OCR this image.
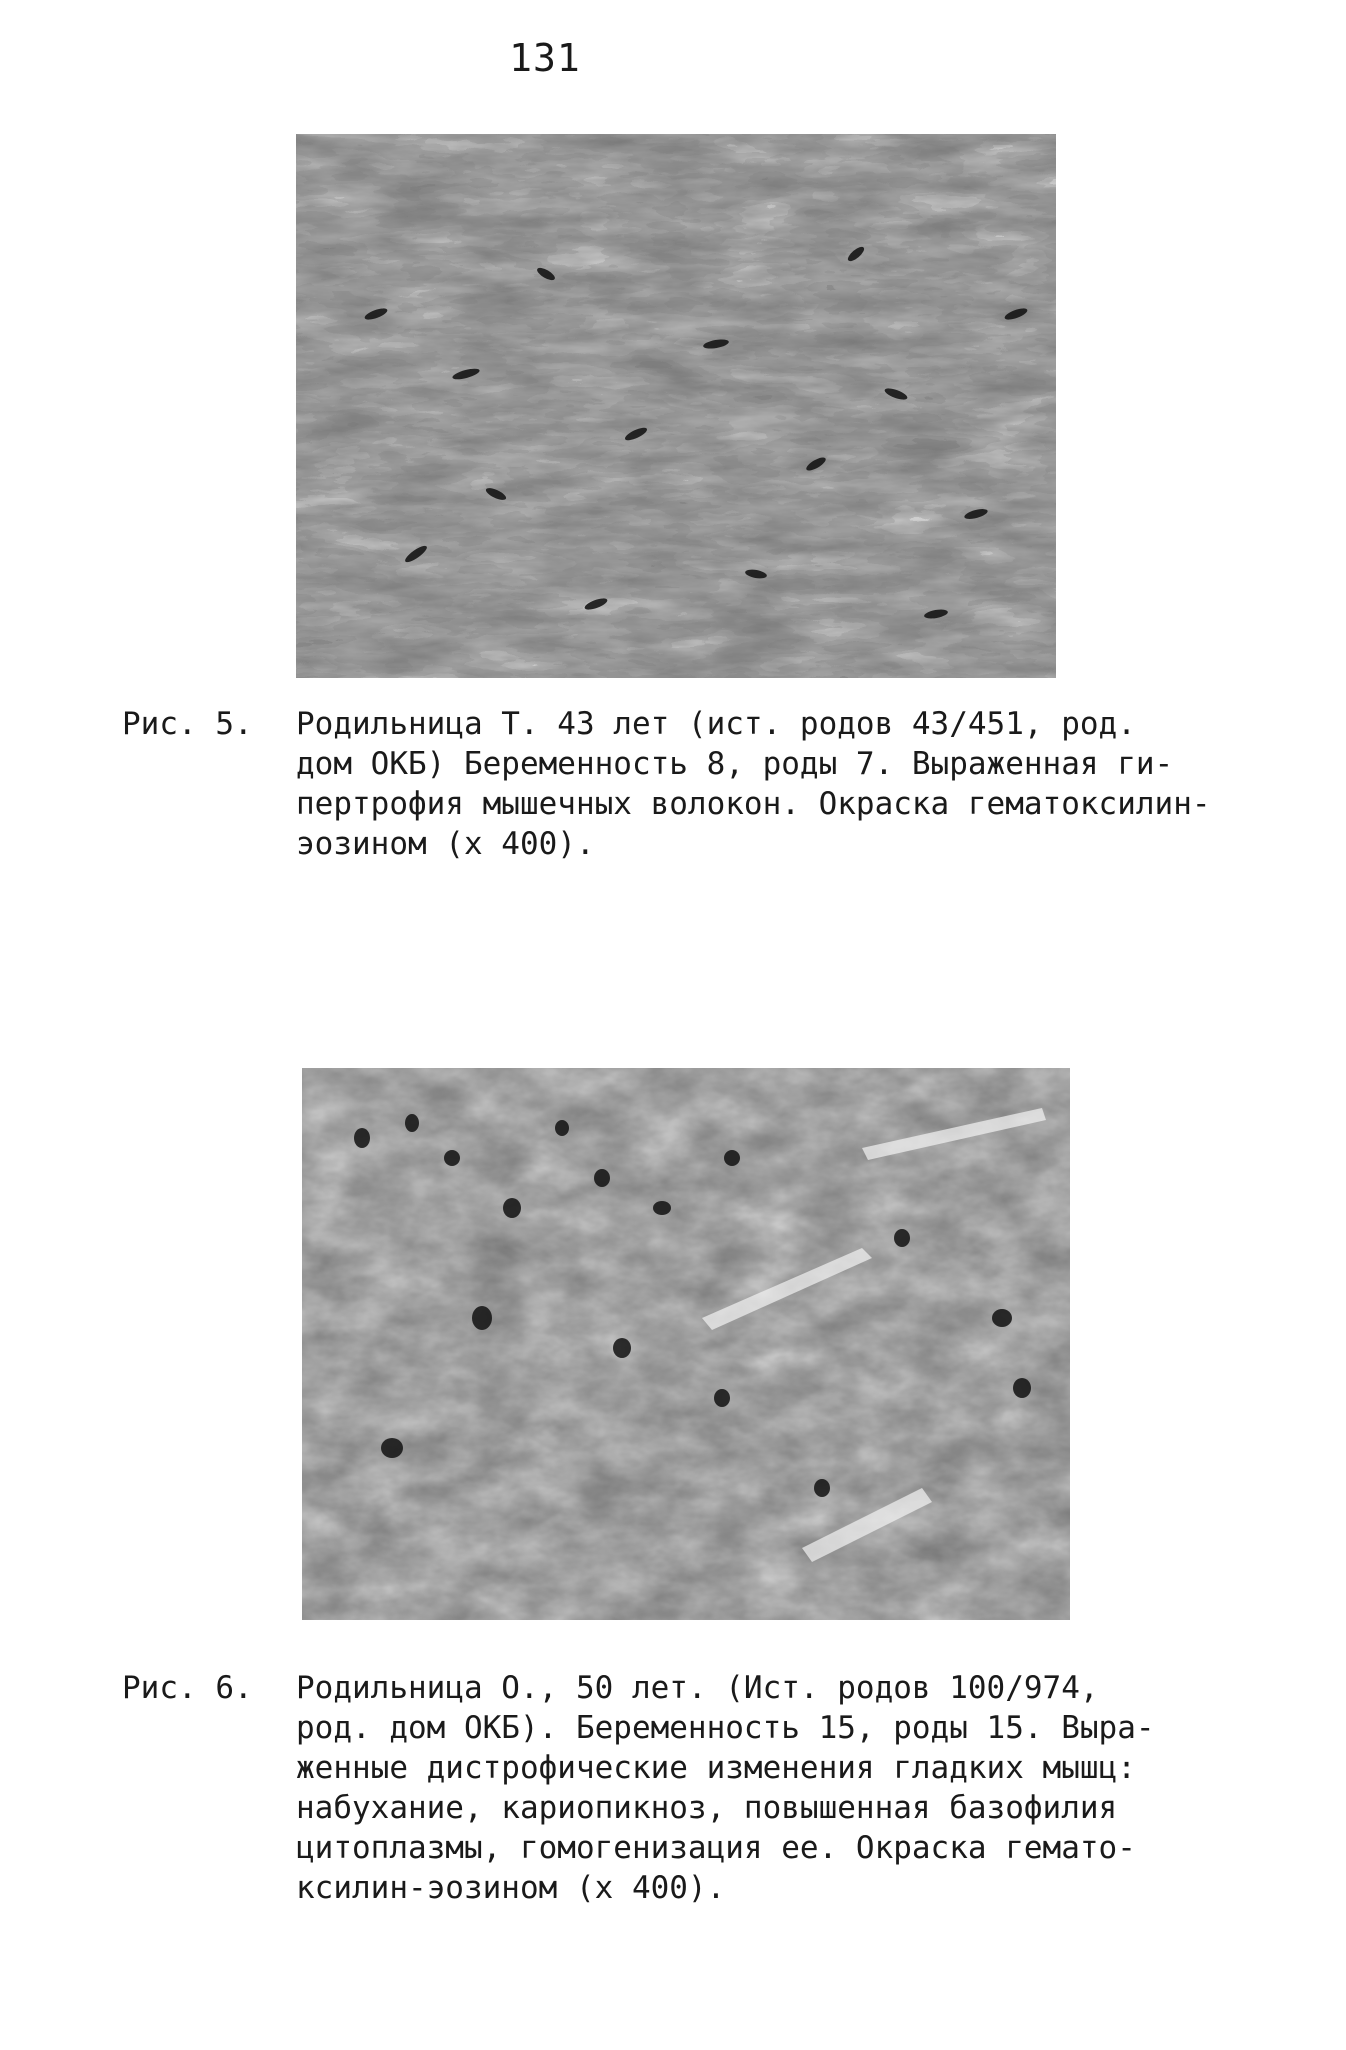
131
Рис. 5. Родильница Т. 43 лет (ист. родов 43/451, род.
дом ОКБ) Беременность 8, роды 7. Выраженная ги-
пертрофия мышечных волокон. Окраска гематоксилин-
эозином (х 400).
Рис. 6. Родильница О., 50 лет. (Ист. родов 100/974,
род. дом ОКБ). Беременность 15, роды 15. Выра-
женные дистрофические изменения гладких мышц:
набухание, кариопикноз, повышенная базофилия
цитоплазмы, гомогенизация ее. Окраска гемато-
ксилин-эозином (х 400).
